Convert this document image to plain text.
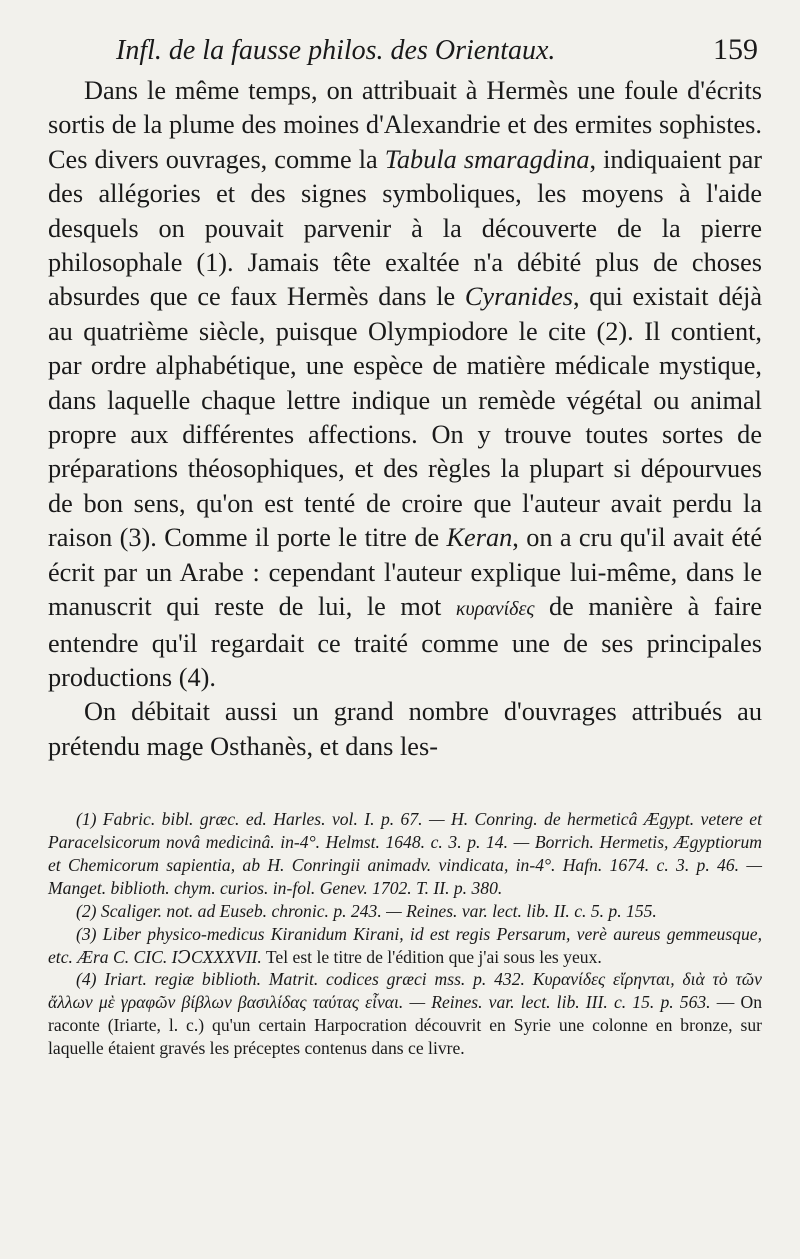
Infl. de la fausse philos. des Orientaux.	159

Dans le même temps, on attribuait à Hermès une foule d'écrits sortis de la plume des moines d'Alexandrie et des ermites sophistes. Ces divers ouvrages, comme la Tabula smaragdina, indiquaient par des allégories et des signes symboliques, les moyens à l'aide desquels on pouvait parvenir à la découverte de la pierre philosophale (1). Jamais tête exaltée n'a débité plus de choses absurdes que ce faux Hermès dans le Cyranides, qui existait déjà au quatrième siècle, puisque Olympiodore le cite (2). Il contient, par ordre alphabétique, une espèce de matière médicale mystique, dans laquelle chaque lettre indique un remède végétal ou animal propre aux différentes affections. On y trouve toutes sortes de préparations théosophiques, et des règles la plupart si dépourvues de bon sens, qu'on est tenté de croire que l'auteur avait perdu la raison (3). Comme il porte le titre de Keran, on a cru qu'il avait été écrit par un Arabe : cependant l'auteur explique lui-même, dans le manuscrit qui reste de lui, le mot κυρανίδες de manière à faire entendre qu'il regardait ce traité comme une de ses principales productions (4).

On débitait aussi un grand nombre d'ouvrages attribués au prétendu mage Osthanès, et dans les-

(1) Fabric. bibl. græc. ed. Harles. vol. I. p. 67. — H. Conring. de hermeticâ Ægypt. vetere et Paracelsicorum novâ medicinâ. in-4°. Helmst. 1648. c. 3. p. 14. — Borrich. Hermetis, Ægyptiorum et Chemicorum sapientia, ab H. Conringii animadv. vindicata, in-4°. Hafn. 1674. c. 3. p. 46. — Manget. biblioth. chym. curios. in-fol. Genev. 1702. T. II. p. 380.

(2) Scaliger. not. ad Euseb. chronic. p. 243. — Reines. var. lect. lib. II. c. 5. p. 155.

(3) Liber physico-medicus Kiranidum Kirani, id est regis Persarum, verè aureus gemmeusque, etc. Æra C. CIC. IↃCXXXVII. Tel est le titre de l'édition que j'ai sous les yeux.

(4) Iriart. regiæ biblioth. Matrit. codices græci mss. p. 432. Κυρανίδες εἴρηνται, διὰ τὸ τῶν ἄλλων μὲ γραφῶν βίβλων βασιλίδας ταύτας εἶναι. — Reines. var. lect. lib. III. c. 15. p. 563. — On raconte (Iriarte, l. c.) qu'un certain Harpocration découvrit en Syrie une colonne en bronze, sur laquelle étaient gravés les préceptes contenus dans ce livre.
